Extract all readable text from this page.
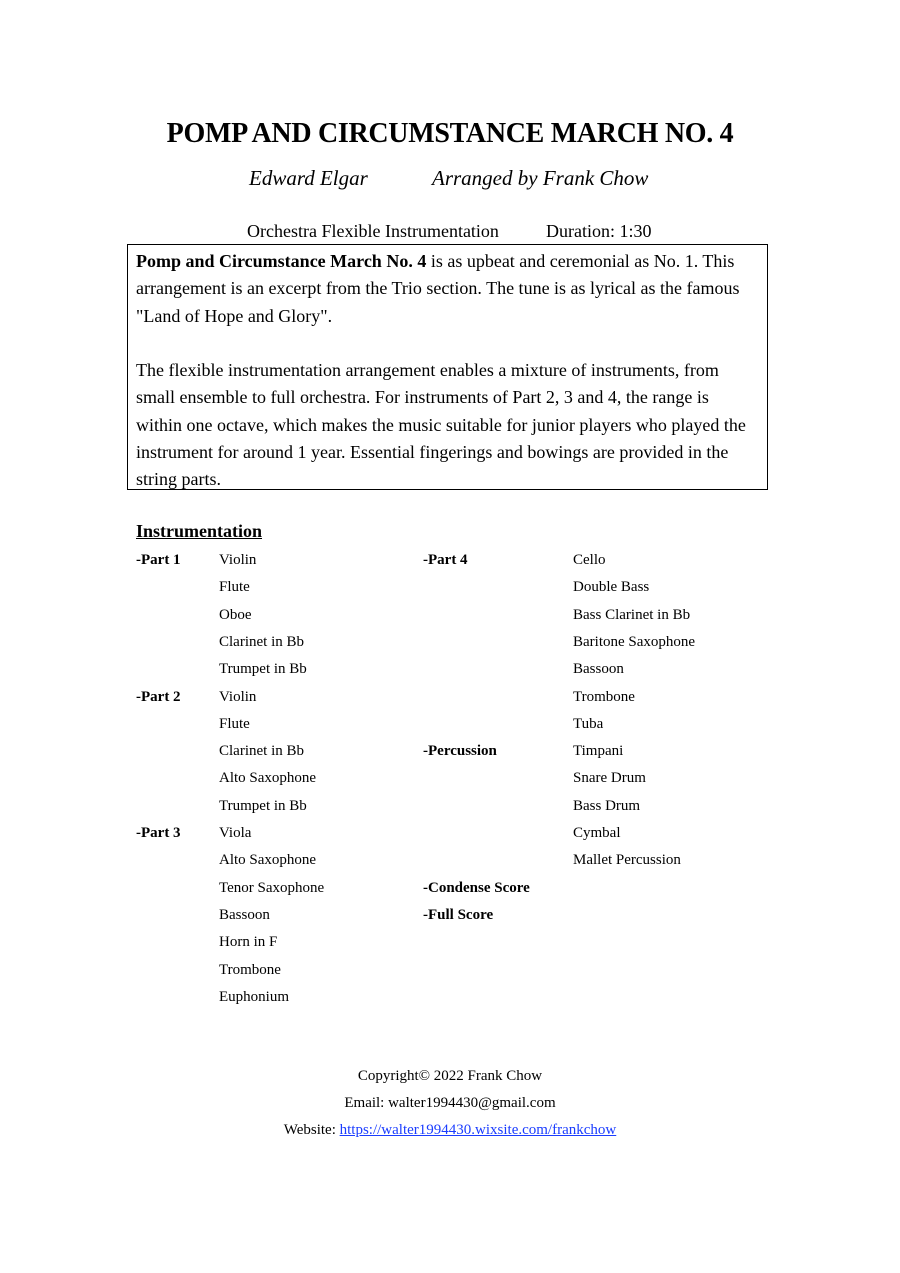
POMP AND CIRCUMSTANCE MARCH NO. 4
Edward Elgar	Arranged by Frank Chow
Orchestra Flexible Instrumentation	Duration: 1:30

Pomp and Circumstance March No. 4 is as upbeat and ceremonial as No. 1. This arrangement is an excerpt from the Trio section. The tune is as lyrical as the famous "Land of Hope and Glory".

The flexible instrumentation arrangement enables a mixture of instruments, from small ensemble to full orchestra. For instruments of Part 2, 3 and 4, the range is within one octave, which makes the music suitable for junior players who played the instrument for around 1 year. Essential fingerings and bowings are provided in the string parts.

Instrumentation
-Part 1	Violin
Flute
Oboe
Clarinet in Bb
Trumpet in Bb
-Part 2	Violin
Flute
Clarinet in Bb
Alto Saxophone
Trumpet in Bb
-Part 3	Viola
Alto Saxophone
Tenor Saxophone
Bassoon
Horn in F
Trombone
Euphonium
-Part 4	Cello
Double Bass
Bass Clarinet in Bb
Baritone Saxophone
Bassoon
Trombone
Tuba
-Percussion	Timpani
Snare Drum
Bass Drum
Cymbal
Mallet Percussion
-Condense Score
-Full Score
Copyright© 2022 Frank Chow
Email: walter1994430@gmail.com
Website: https://walter1994430.wixsite.com/frankchow
